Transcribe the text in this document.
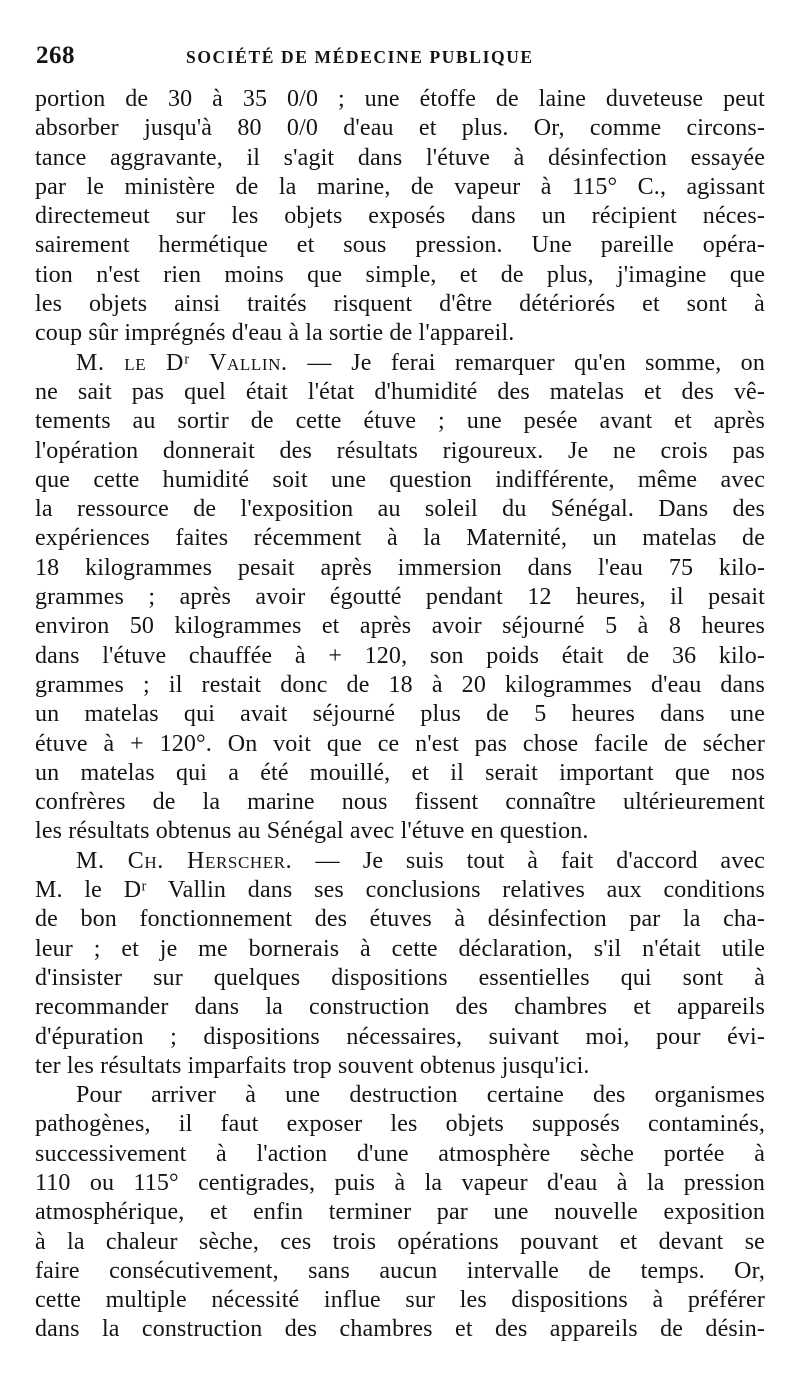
268	SOCIÉTÉ DE MÉDECINE PUBLIQUE
portion de 30 à 35 0/0 ; une étoffe de laine duveteuse peut
absorber jusqu'à 80 0/0 d'eau et plus. Or, comme circons-
tance aggravante, il s'agit dans l'étuve à désinfection essayée
par le ministère de la marine, de vapeur à 115° C., agissant
directemeut sur les objets exposés dans un récipient néces-
sairement hermétique et sous pression. Une pareille opéra-
tion n'est rien moins que simple, et de plus, j'imagine que
les objets ainsi traités risquent d'être détériorés et sont à
coup sûr imprégnés d'eau à la sortie de l'appareil.
M. le Dʳ Vallin. — Je ferai remarquer qu'en somme, on
ne sait pas quel était l'état d'humidité des matelas et des vê-
tements au sortir de cette étuve ; une pesée avant et après
l'opération donnerait des résultats rigoureux. Je ne crois pas
que cette humidité soit une question indifférente, même avec
la ressource de l'exposition au soleil du Sénégal. Dans des
expériences faites récemment à la Maternité, un matelas de
18 kilogrammes pesait après immersion dans l'eau 75 kilo-
grammes ; après avoir égoutté pendant 12 heures, il pesait
environ 50 kilogrammes et après avoir séjourné 5 à 8 heures
dans l'étuve chauffée à + 120, son poids était de 36 kilo-
grammes ; il restait donc de 18 à 20 kilogrammes d'eau dans
un matelas qui avait séjourné plus de 5 heures dans une
étuve à + 120°. On voit que ce n'est pas chose facile de sécher
un matelas qui a été mouillé, et il serait important que nos
confrères de la marine nous fissent connaître ultérieurement
les résultats obtenus au Sénégal avec l'étuve en question.
M. Ch. Herscher. — Je suis tout à fait d'accord avec
M. le Dʳ Vallin dans ses conclusions relatives aux conditions
de bon fonctionnement des étuves à désinfection par la cha-
leur ; et je me bornerais à cette déclaration, s'il n'était utile
d'insister sur quelques dispositions essentielles qui sont à
recommander dans la construction des chambres et appareils
d'épuration ; dispositions nécessaires, suivant moi, pour évi-
ter les résultats imparfaits trop souvent obtenus jusqu'ici.
Pour arriver à une destruction certaine des organismes
pathogènes, il faut exposer les objets supposés contaminés,
successivement à l'action d'une atmosphère sèche portée à
110 ou 115° centigrades, puis à la vapeur d'eau à la pression
atmosphérique, et enfin terminer par une nouvelle exposition
à la chaleur sèche, ces trois opérations pouvant et devant se
faire consécutivement, sans aucun intervalle de temps. Or,
cette multiple nécessité influe sur les dispositions à préférer
dans la construction des chambres et des appareils de désin-
